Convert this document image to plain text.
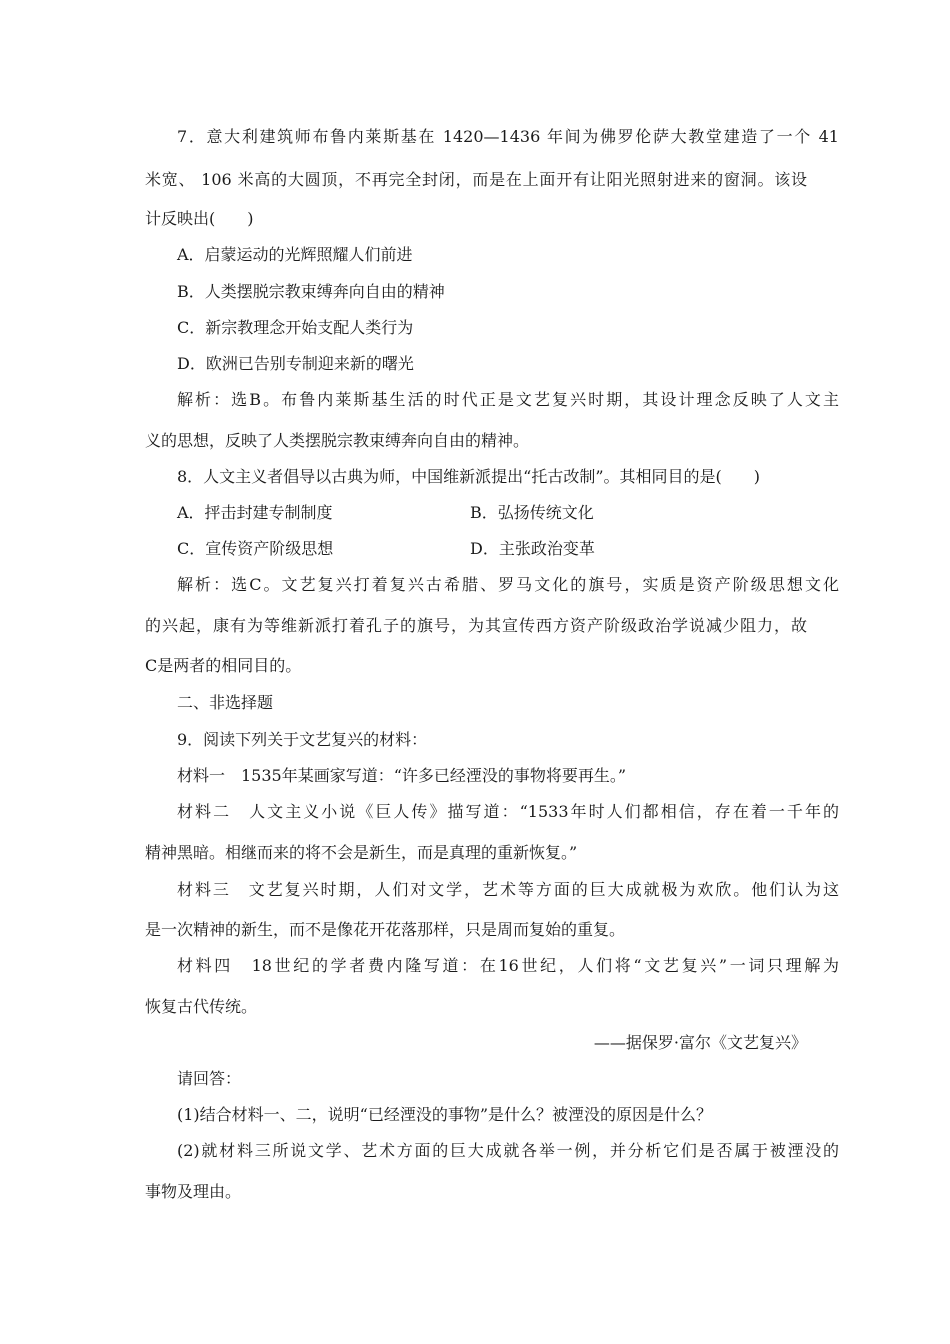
7．意大利建筑师布鲁内莱斯基在 1420—1436 年间为佛罗伦萨大教堂建造了一个 41
米宽、 106 米高的大圆顶，不再完全封闭，而是在上面开有让阳光照射进来的窗洞。该设
计反映出(　　)
A．启蒙运动的光辉照耀人们前进
B．人类摆脱宗教束缚奔向自由的精神
C．新宗教理念开始支配人类行为
D．欧洲已告别专制迎来新的曙光
解析：选B。布鲁内莱斯基生活的时代正是文艺复兴时期，其设计理念反映了人文主
义的思想，反映了人类摆脱宗教束缚奔向自由的精神。
8．人文主义者倡导以古典为师，中国维新派提出“托古改制”。其相同目的是(　　)
A．抨击封建专制制度	B．弘扬传统文化
C．宣传资产阶级思想	D．主张政治变革
解析：选C。文艺复兴打着复兴古希腊、罗马文化的旗号，实质是资产阶级思想文化
的兴起，康有为等维新派打着孔子的旗号，为其宣传西方资产阶级政治学说减少阻力，故
C是两者的相同目的。
二、非选择题
9．阅读下列关于文艺复兴的材料：
材料一　1535年某画家写道：“许多已经湮没的事物将要再生。”
材料二　人文主义小说《巨人传》描写道：“1533年时人们都相信，存在着一千年的
精神黑暗。相继而来的将不会是新生，而是真理的重新恢复。”
材料三　文艺复兴时期，人们对文学，艺术等方面的巨大成就极为欢欣。他们认为这
是一次精神的新生，而不是像花开花落那样，只是周而复始的重复。
材料四　18世纪的学者费内隆写道：在16世纪，人们将“文艺复兴”一词只理解为
恢复古代传统。
——据保罗·富尔《文艺复兴》
请回答：
(1)结合材料一、二，说明“已经湮没的事物”是什么？被湮没的原因是什么？
(2)就材料三所说文学、艺术方面的巨大成就各举一例，并分析它们是否属于被湮没的
事物及理由。
